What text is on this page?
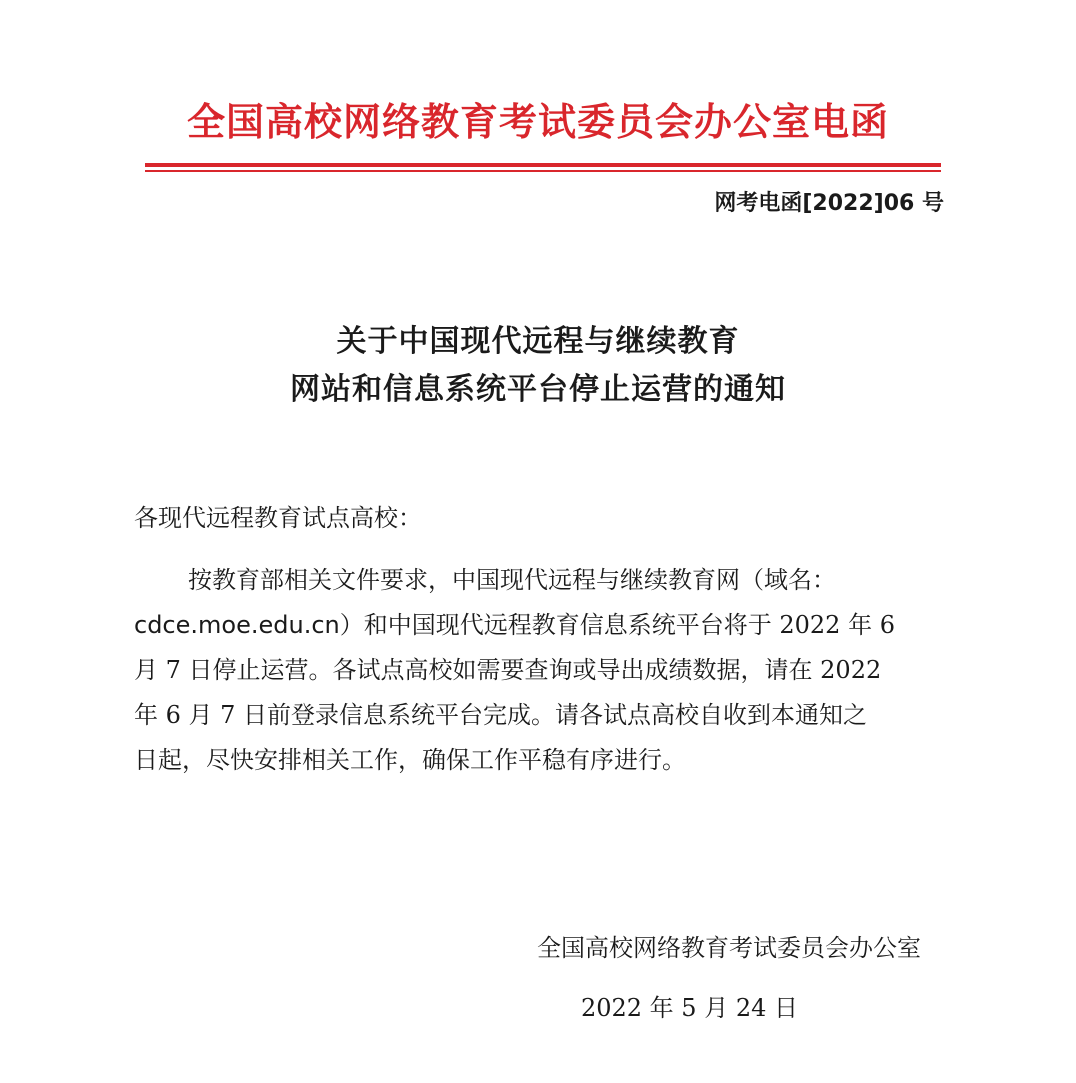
全国高校网络教育考试委员会办公室电函
网考电函[2022]06 号
关于中国现代远程与继续教育
网站和信息系统平台停止运营的通知
各现代远程教育试点高校：
按教育部相关文件要求，中国现代远程与继续教育网（域名：
cdce.moe.edu.cn）和中国现代远程教育信息系统平台将于 2022 年 6
月 7 日停止运营。各试点高校如需要查询或导出成绩数据，请在 2022
年 6 月 7 日前登录信息系统平台完成。请各试点高校自收到本通知之
日起，尽快安排相关工作，确保工作平稳有序进行。
全国高校网络教育考试委员会办公室
2022 年 5 月 24 日
